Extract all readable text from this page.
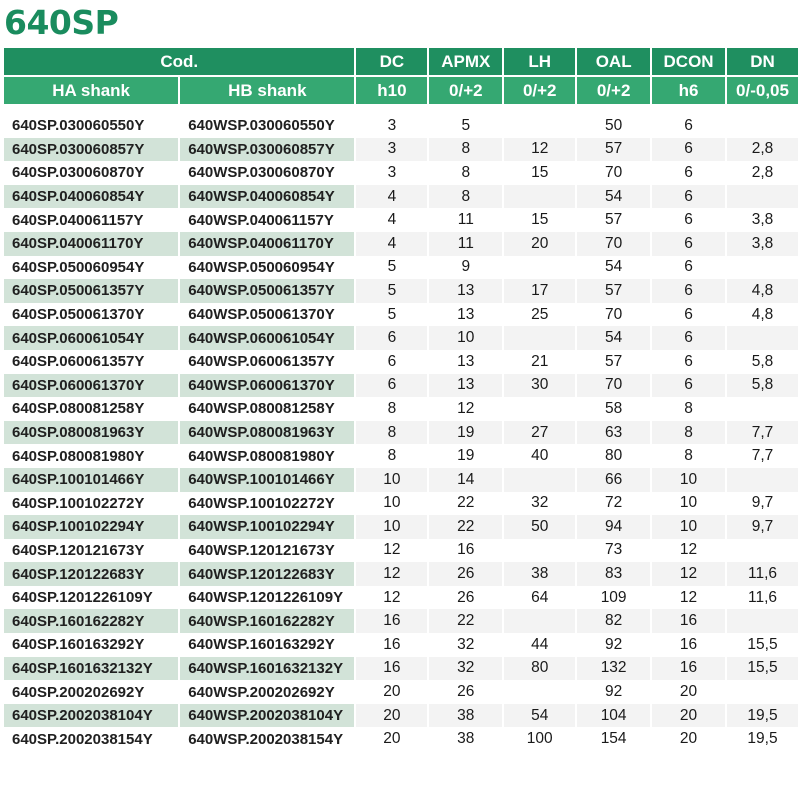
640SP
Cod.		DC	APMX	LH	OAL	DCON	DN
HA shank	HB shank	h10	0/+2	0/+2	0/+2	h6	0/-0,05

640SP.030060550Y	640WSP.030060550Y	3	5		50	6	
640SP.030060857Y	640WSP.030060857Y	3	8	12	57	6	2,8
640SP.030060870Y	640WSP.030060870Y	3	8	15	70	6	2,8
640SP.040060854Y	640WSP.040060854Y	4	8		54	6	
640SP.040061157Y	640WSP.040061157Y	4	11	15	57	6	3,8
640SP.040061170Y	640WSP.040061170Y	4	11	20	70	6	3,8
640SP.050060954Y	640WSP.050060954Y	5	9		54	6	
640SP.050061357Y	640WSP.050061357Y	5	13	17	57	6	4,8
640SP.050061370Y	640WSP.050061370Y	5	13	25	70	6	4,8
640SP.060061054Y	640WSP.060061054Y	6	10		54	6	
640SP.060061357Y	640WSP.060061357Y	6	13	21	57	6	5,8
640SP.060061370Y	640WSP.060061370Y	6	13	30	70	6	5,8
640SP.080081258Y	640WSP.080081258Y	8	12		58	8	
640SP.080081963Y	640WSP.080081963Y	8	19	27	63	8	7,7
640SP.080081980Y	640WSP.080081980Y	8	19	40	80	8	7,7
640SP.100101466Y	640WSP.100101466Y	10	14		66	10	
640SP.100102272Y	640WSP.100102272Y	10	22	32	72	10	9,7
640SP.100102294Y	640WSP.100102294Y	10	22	50	94	10	9,7
640SP.120121673Y	640WSP.120121673Y	12	16		73	12	
640SP.120122683Y	640WSP.120122683Y	12	26	38	83	12	11,6
640SP.1201226109Y	640WSP.1201226109Y	12	26	64	109	12	11,6
640SP.160162282Y	640WSP.160162282Y	16	22		82	16	
640SP.160163292Y	640WSP.160163292Y	16	32	44	92	16	15,5
640SP.1601632132Y	640WSP.1601632132Y	16	32	80	132	16	15,5
640SP.200202692Y	640WSP.200202692Y	20	26		92	20	
640SP.2002038104Y	640WSP.2002038104Y	20	38	54	104	20	19,5
640SP.2002038154Y	640WSP.2002038154Y	20	38	100	154	20	19,5
